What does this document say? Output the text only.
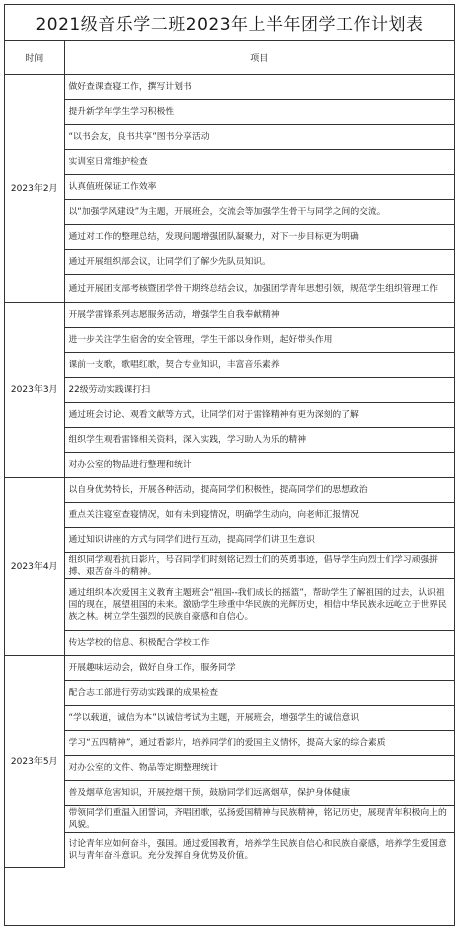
2021级音乐学二班2023年上半年团学工作计划表
时间	项目
2023年2月	做好查课查寝工作，撰写计划书
	提升新学年学生学习积极性
	“以书会友，良书共享”图书分享活动
	实训室日常维护检查
	认真值班保证工作效率
	以“加强学风建设”为主题，开展班会，交流会等加强学生骨干与同学之间的交流。
	通过对工作的整理总结，发现问题增强团队凝聚力，对下一步目标更为明确
	通过开展组织部会议，让同学们了解少先队员知识。
	通过开展团支部考核暨团学骨干期终总结会议，加强团学青年思想引领，规范学生组织管理工作
2023年3月	开展学雷锋系列志愿服务活动，增强学生自我奉献精神
	进一步关注学生宿舍的安全管理，学生干部以身作则，起好带头作用
	课前一支歌，歌唱红歌，契合专业知识，丰富音乐素养
	22级劳动实践课打扫
	通过班会讨论、观看文献等方式，让同学们对于雷锋精神有更为深刻的了解
	组织学生观看雷锋相关资料，深入实践，学习助人为乐的精神
	对办公室的物品进行整理和统计
2023年4月	以自身优势特长，开展各种活动，提高同学们积极性，提高同学们的思想政治
	重点关注寝室查寝情况，如有未到寝情况，明确学生动向，向老师汇报情况
	通过知识讲座的方式与同学们进行互动，提高同学们讲卫生意识
	组织同学观看抗日影片，号召同学们时刻铭记烈士们的英勇事迹，倡导学生向烈士们学习顽强拼搏、艰苦奋斗的精神。
	通过组织本次爱国主义教育主题班会“祖国--我们成长的摇篮”，帮助学生了解祖国的过去，认识祖国的现在，展望祖国的未来。激励学生珍重中华民族的光辉历史，相信中华民族永远屹立于世界民族之林。树立学生强烈的民族自豪感和自信心。
	传达学校的信息、积极配合学校工作
2023年5月	开展趣味运动会，做好自身工作，服务同学
	配合志工部进行劳动实践课的成果检查
	“学以载道，诚信为本”以诚信考试为主题，开展班会，增强学生的诚信意识
	学习“五四精神”，通过看影片，培养同学们的爱国主义情怀，提高大家的综合素质
	对办公室的文件、物品等定期整理统计
	普及烟草危害知识，开展控烟干预，鼓励同学们远离烟草，保护身体健康
	带领同学们重温入团誓词，齐唱团歌，弘扬爱国精神与民族精神，铭记历史，展现青年积极向上的风貌。
	讨论青年应如何奋斗，强国。通过爱国教育，培养学生民族自信心和民族自豪感，培养学生爱国意识与青年奋斗意识。充分发挥自身优势及价值。
